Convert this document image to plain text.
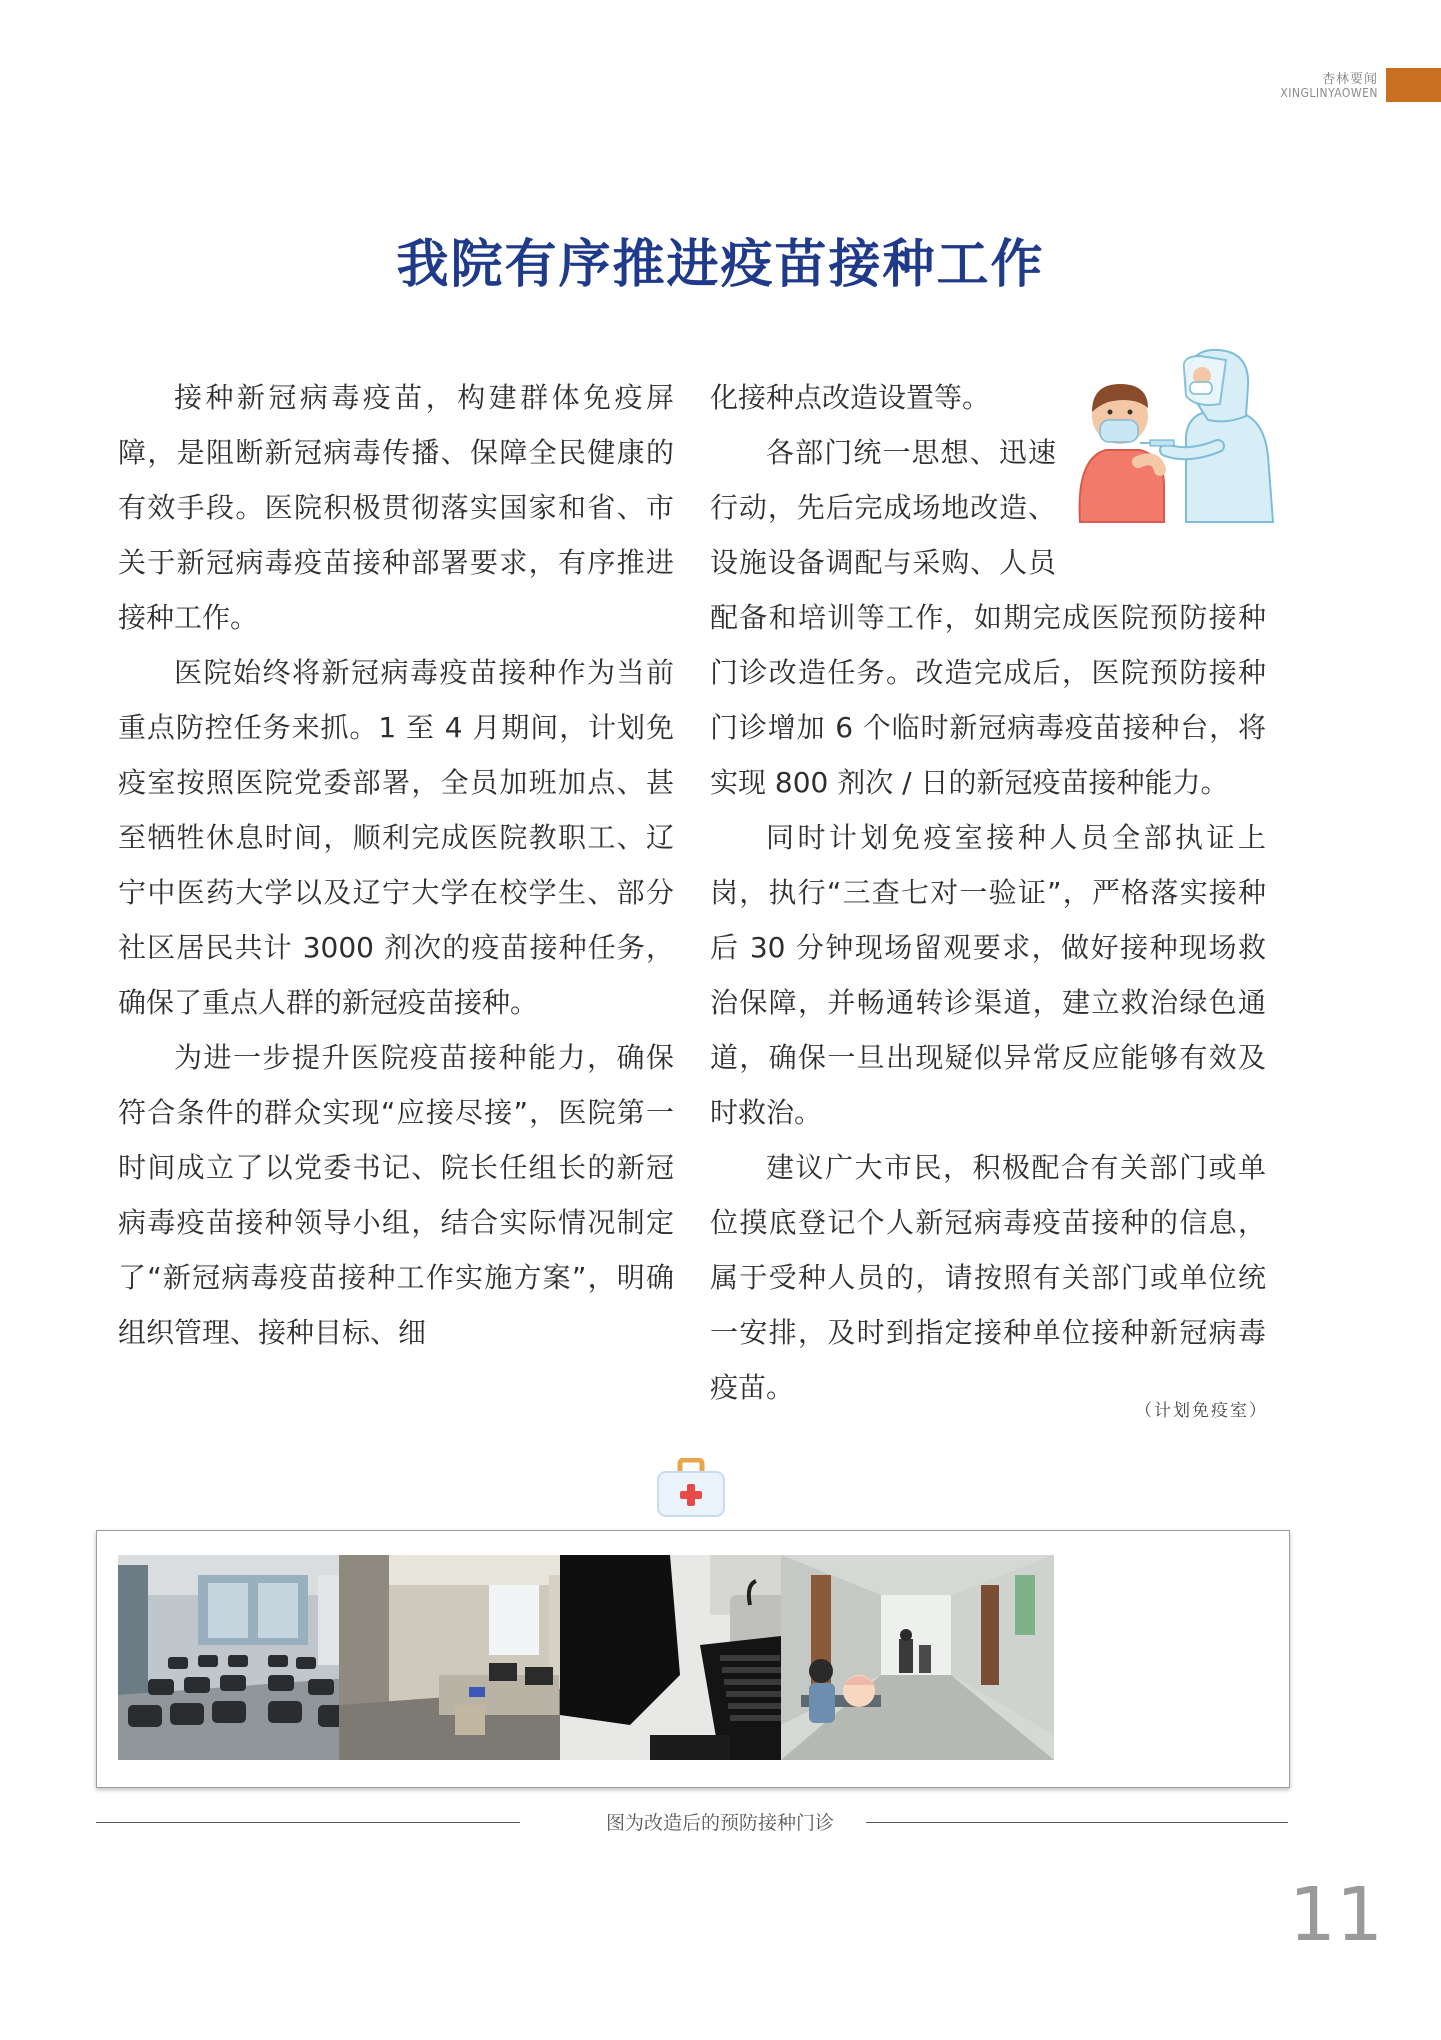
杏林要闻
XINGLINYAOWEN
我院有序推进疫苗接种工作

接种新冠病毒疫苗，构建群体免疫屏障，是阻断新冠病毒传播、保障全民健康的有效手段。医院积极贯彻落实国家和省、市关于新冠病毒疫苗接种部署要求，有序推进接种工作。

医院始终将新冠病毒疫苗接种作为当前重点防控任务来抓。1 至 4 月期间，计划免疫室按照医院党委部署，全员加班加点、甚至牺牲休息时间，顺利完成医院教职工、辽宁中医药大学以及辽宁大学在校学生、部分社区居民共计 3000 剂次的疫苗接种任务，确保了重点人群的新冠疫苗接种。

为进一步提升医院疫苗接种能力，确保符合条件的群众实现“应接尽接”，医院第一时间成立了以党委书记、院长任组长的新冠病毒疫苗接种领导小组，结合实际情况制定了“新冠病毒疫苗接种工作实施方案”，明确组织管理、接种目标、细

化接种点改造设置等。

各部门统一思想、迅速行动，先后完成场地改造、设施设备调配与采购、人员配备和培训等工作，如期完成医院预防接种门诊改造任务。改造完成后，医院预防接种门诊增加 6 个临时新冠病毒疫苗接种台，将实现 800 剂次 / 日的新冠疫苗接种能力。

同时计划免疫室接种人员全部执证上岗，执行“三查七对一验证”，严格落实接种后 30 分钟现场留观要求，做好接种现场救治保障，并畅通转诊渠道，建立救治绿色通道，确保一旦出现疑似异常反应能够有效及时救治。

建议广大市民，积极配合有关部门或单位摸底登记个人新冠病毒疫苗接种的信息，属于受种人员的，请按照有关部门或单位统一安排，及时到指定接种单位接种新冠病毒疫苗。

（计划免疫室）
图为改造后的预防接种门诊
11
